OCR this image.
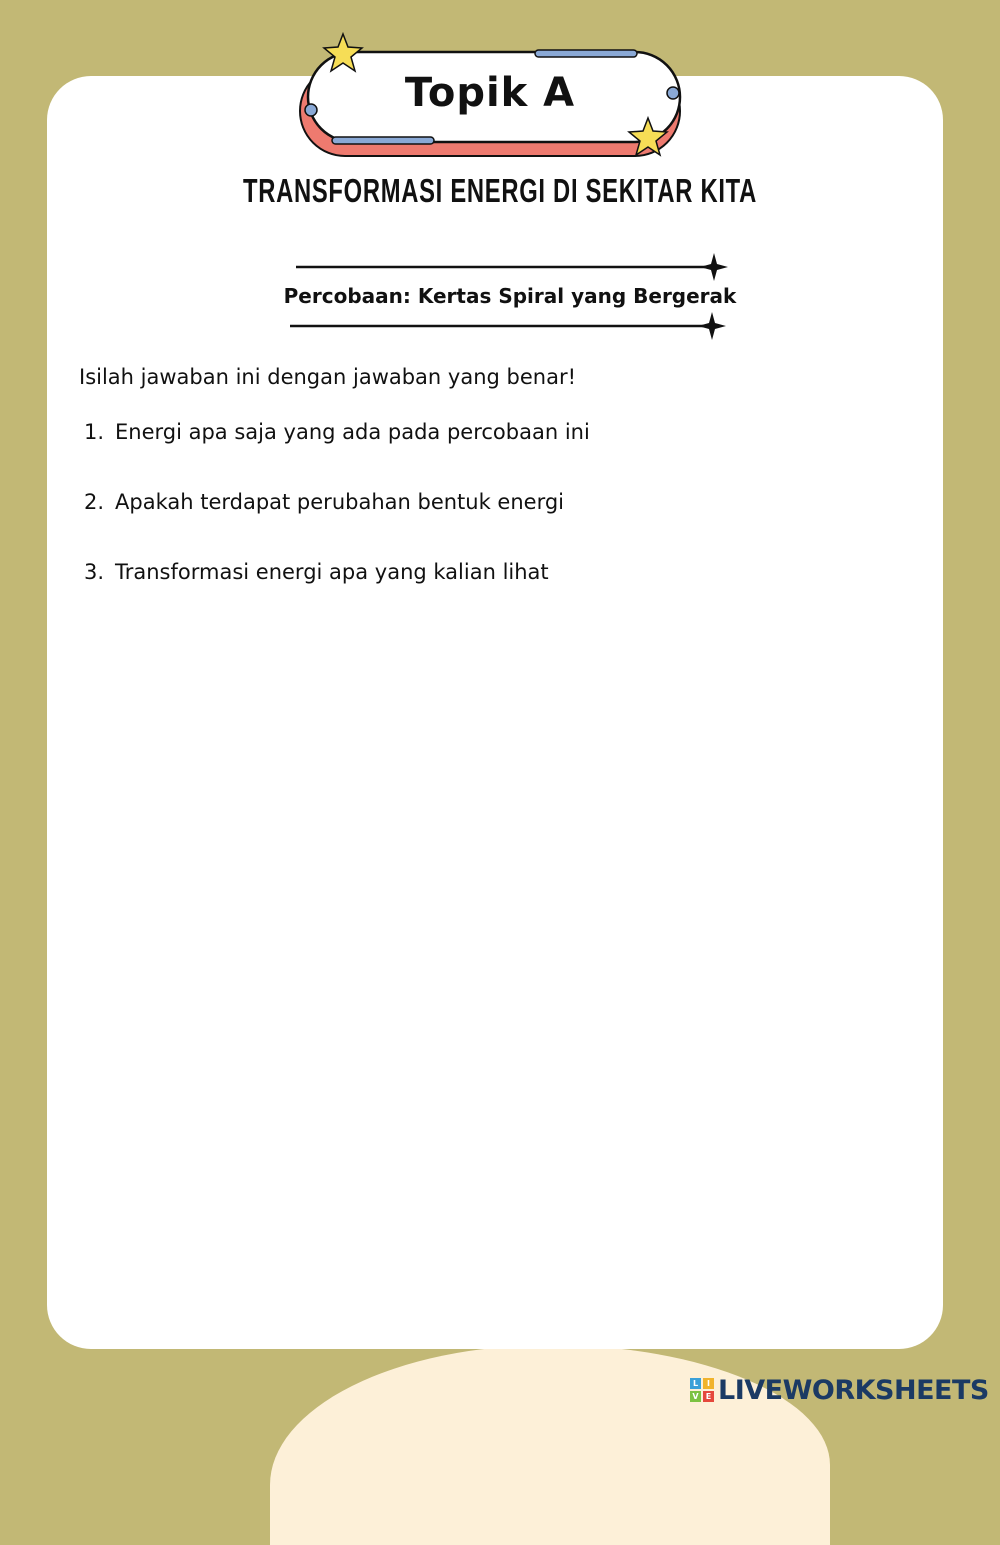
Topik A
TRANSFORMASI ENERGI DI SEKITAR KITA
Percobaan: Kertas Spiral yang Bergerak
Isilah jawaban ini dengan jawaban yang benar!
1. Energi apa saja yang ada pada percobaan ini
2. Apakah terdapat perubahan bentuk energi
3. Transformasi energi apa yang kalian lihat
L	I
V E LIVEWORKSHEETS
